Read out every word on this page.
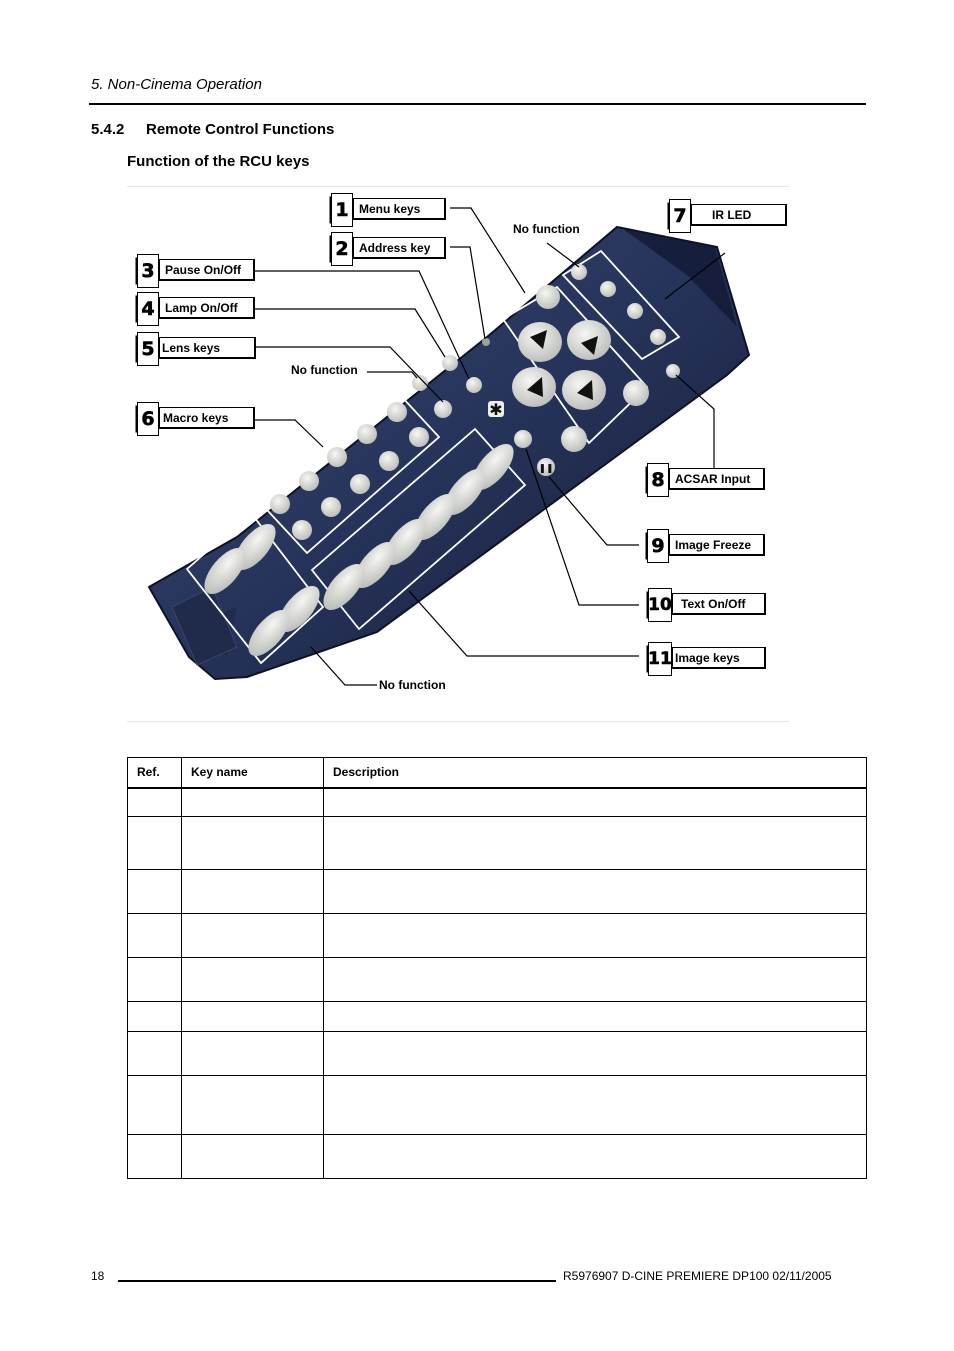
5. Non-Cinema Operation
5.4.2 Remote Control Functions
Function of the RCU keys
✱
❚❚
1 Menu keys
2 Address key
3 Pause On/Off
4 Lamp On/Off
5 Lens keys
6 Macro keys
7	IR LED
8 ACSAR Input
9 Image Freeze
10 Text On/Off
11 Image keys
No function
No function
No function
Ref.	Key name	Description

18	R5976907 D-CINE PREMIERE DP100 02/11/2005
